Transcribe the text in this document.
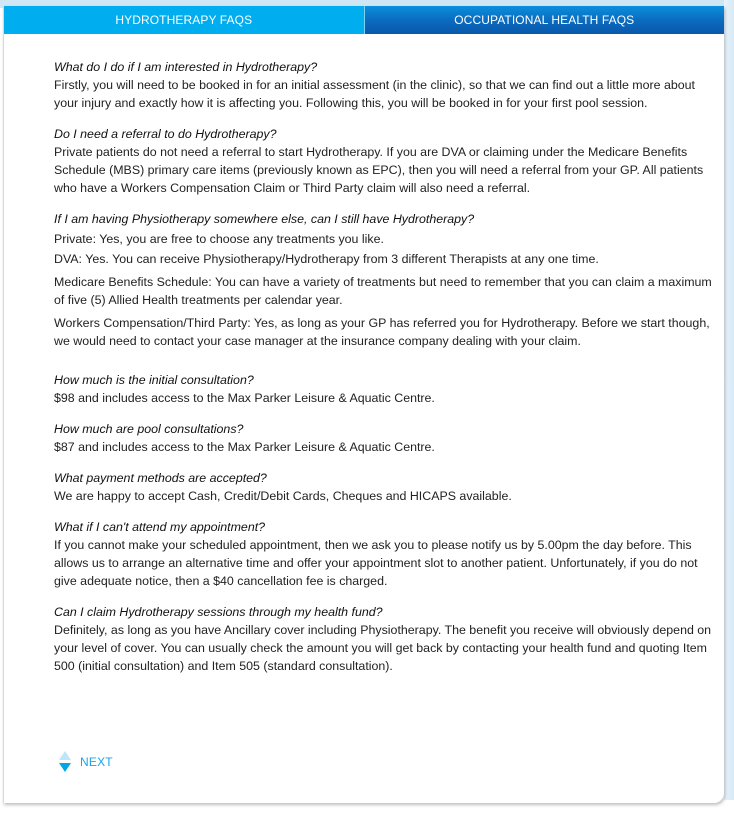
HYDROTHERAPY FAQS	OCCUPATIONAL HEALTH FAQS

What do I do if I am interested in Hydrotherapy?

Firstly, you will need to be booked in for an initial assessment (in the clinic), so that we can find out a little more about your injury and exactly how it is affecting you. Following this, you will be booked in for your first pool session.

Do I need a referral to do Hydrotherapy?

Private patients do not need a referral to start Hydrotherapy. If you are DVA or claiming under the Medicare Benefits Schedule (MBS) primary care items (previously known as EPC), then you will need a referral from your GP. All patients who have a Workers Compensation Claim or Third Party claim will also need a referral.

If I am having Physiotherapy somewhere else, can I still have Hydrotherapy?

Private: Yes, you are free to choose any treatments you like.

DVA: Yes. You can receive Physiotherapy/Hydrotherapy from 3 different Therapists at any one time.

Medicare Benefits Schedule: You can have a variety of treatments but need to remember that you can claim a maximum of five (5) Allied Health treatments per calendar year.

Workers Compensation/Third Party: Yes, as long as your GP has referred you for Hydrotherapy. Before we start though, we would need to contact your case manager at the insurance company dealing with your claim.

How much is the initial consultation?

$98 and includes access to the Max Parker Leisure & Aquatic Centre.

How much are pool consultations?

$87 and includes access to the Max Parker Leisure & Aquatic Centre.

What payment methods are accepted?

We are happy to accept Cash, Credit/Debit Cards, Cheques and HICAPS available.

What if I can't attend my appointment?

If you cannot make your scheduled appointment, then we ask you to please notify us by 5.00pm the day before. This allows us to arrange an alternative time and offer your appointment slot to another patient. Unfortunately, if you do not give adequate notice, then a $40 cancellation fee is charged.

Can I claim Hydrotherapy sessions through my health fund?

Definitely, as long as you have Ancillary cover including Physiotherapy. The benefit you receive will obviously depend on your level of cover. You can usually check the amount you will get back by contacting your health fund and quoting Item 500 (initial consultation) and Item 505 (standard consultation).

NEXT
